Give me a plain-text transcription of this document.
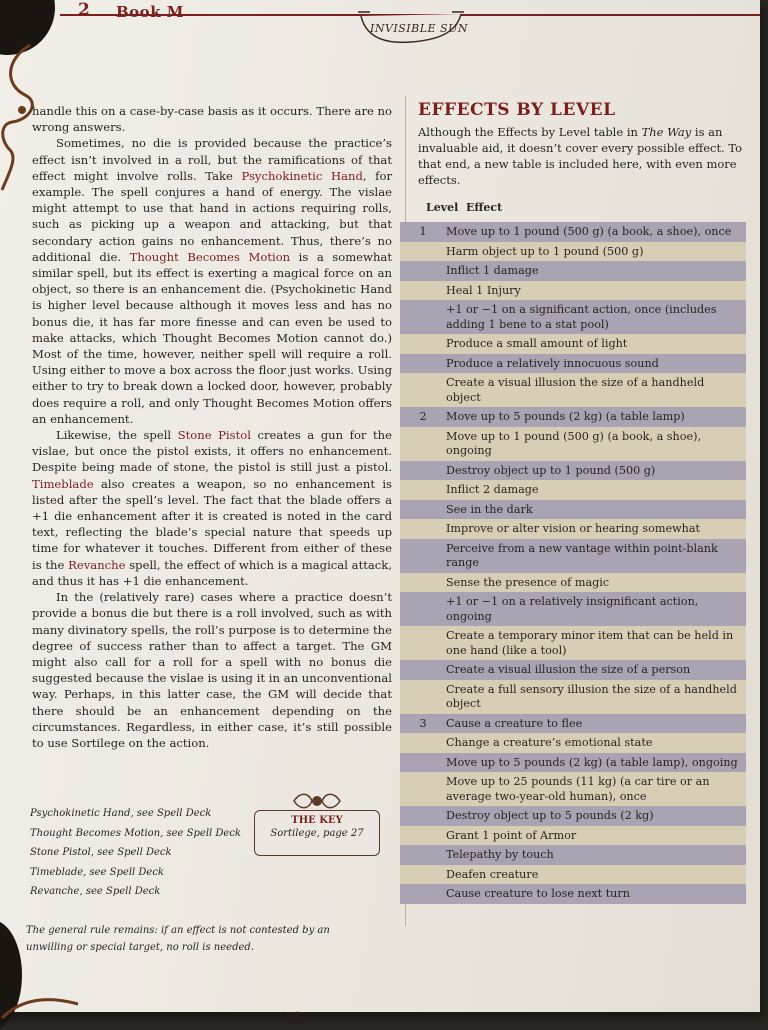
2 Book M
INVISIBLE SUN

handle this on a case-by-case basis as it occurs. There are no wrong answers.

Sometimes, no die is provided because the practice’s effect isn’t involved in a roll, but the ramifications of that effect might involve rolls. Take Psychokinetic Hand, for example. The spell conjures a hand of energy. The vislae might attempt to use that hand in actions requiring rolls, such as picking up a weapon and attacking, but that secondary action gains no enhancement. Thus, there’s no additional die. Thought Becomes Motion is a somewhat similar spell, but its effect is exerting a magical force on an object, so there is an enhancement die. (Psychokinetic Hand is higher level because although it moves less and has no bonus die, it has far more finesse and can even be used to make attacks, which Thought Becomes Motion cannot do.) Most of the time, however, neither spell will require a roll. Using either to move a box across the floor just works. Using either to try to break down a locked door, however, probably does require a roll, and only Thought Becomes Motion offers an enhancement.

Likewise, the spell Stone Pistol creates a gun for the vislae, but once the pistol exists, it offers no enhancement. Despite being made of stone, the pistol is still just a pistol. Timeblade also creates a weapon, so no enhancement is listed after the spell’s level. The fact that the blade offers a +1 die enhancement after it is created is noted in the card text, reflecting the blade’s special nature that speeds up time for whatever it touches. Different from either of these is the Revanche spell, the effect of which is a magical attack, and thus it has +1 die enhancement.

In the (relatively rare) cases where a practice doesn’t provide a bonus die but there is a roll involved, such as with many divinatory spells, the roll’s purpose is to determine the degree of success rather than to affect a target. The GM might also call for a roll for a spell with no bonus die suggested because the vislae is using it in an unconventional way. Perhaps, in this latter case, the GM will decide that there should be an enhancement depending on the circumstances. Regardless, in either case, it’s still possible to use Sortilege on the action.

Psychokinetic Hand, see Spell Deck
Thought Becomes Motion, see Spell Deck
Stone Pistol, see Spell Deck
Timeblade, see Spell Deck
Revanche, see Spell Deck
THE KEY
Sortilege, page 27
The general rule remains: if an effect is not contested by an unwilling or special target, no roll is needed.
EFFECTS BY LEVEL
Although the Effects by Level table in The Way is an invaluable aid, it doesn’t cover every possible effect. To that end, a new table is included here, with even more effects.
Level Effect
1	Move up to 1 pound (500 g) (a book, a shoe), once
Harm object up to 1 pound (500 g)
Inflict 1 damage
Heal 1 Injury
+1 or −1 on a significant action, once (includes adding 1 bene to a stat pool)
Produce a small amount of light
Produce a relatively innocuous sound
Create a visual illusion the size of a handheld object
2	Move up to 5 pounds (2 kg) (a table lamp)
Move up to 1 pound (500 g) (a book, a shoe), ongoing
Destroy object up to 1 pound (500 g)
Inflict 2 damage
See in the dark
Improve or alter vision or hearing somewhat
Perceive from a new vantage within point-blank range
Sense the presence of magic
+1 or −1 on a relatively insignificant action, ongoing
Create a temporary minor item that can be held in one hand (like a tool)
Create a visual illusion the size of a person
Create a full sensory illusion the size of a handheld object
3	Cause a creature to flee
Change a creature’s emotional state
Move up to 5 pounds (2 kg) (a table lamp), ongoing
Move up to 25 pounds (11 kg) (a car tire or an average two-year-old human), once
Destroy object up to 5 pounds (2 kg)
Grant 1 point of Armor
Telepathy by touch
Deafen creature
Cause creature to lose next turn
24
